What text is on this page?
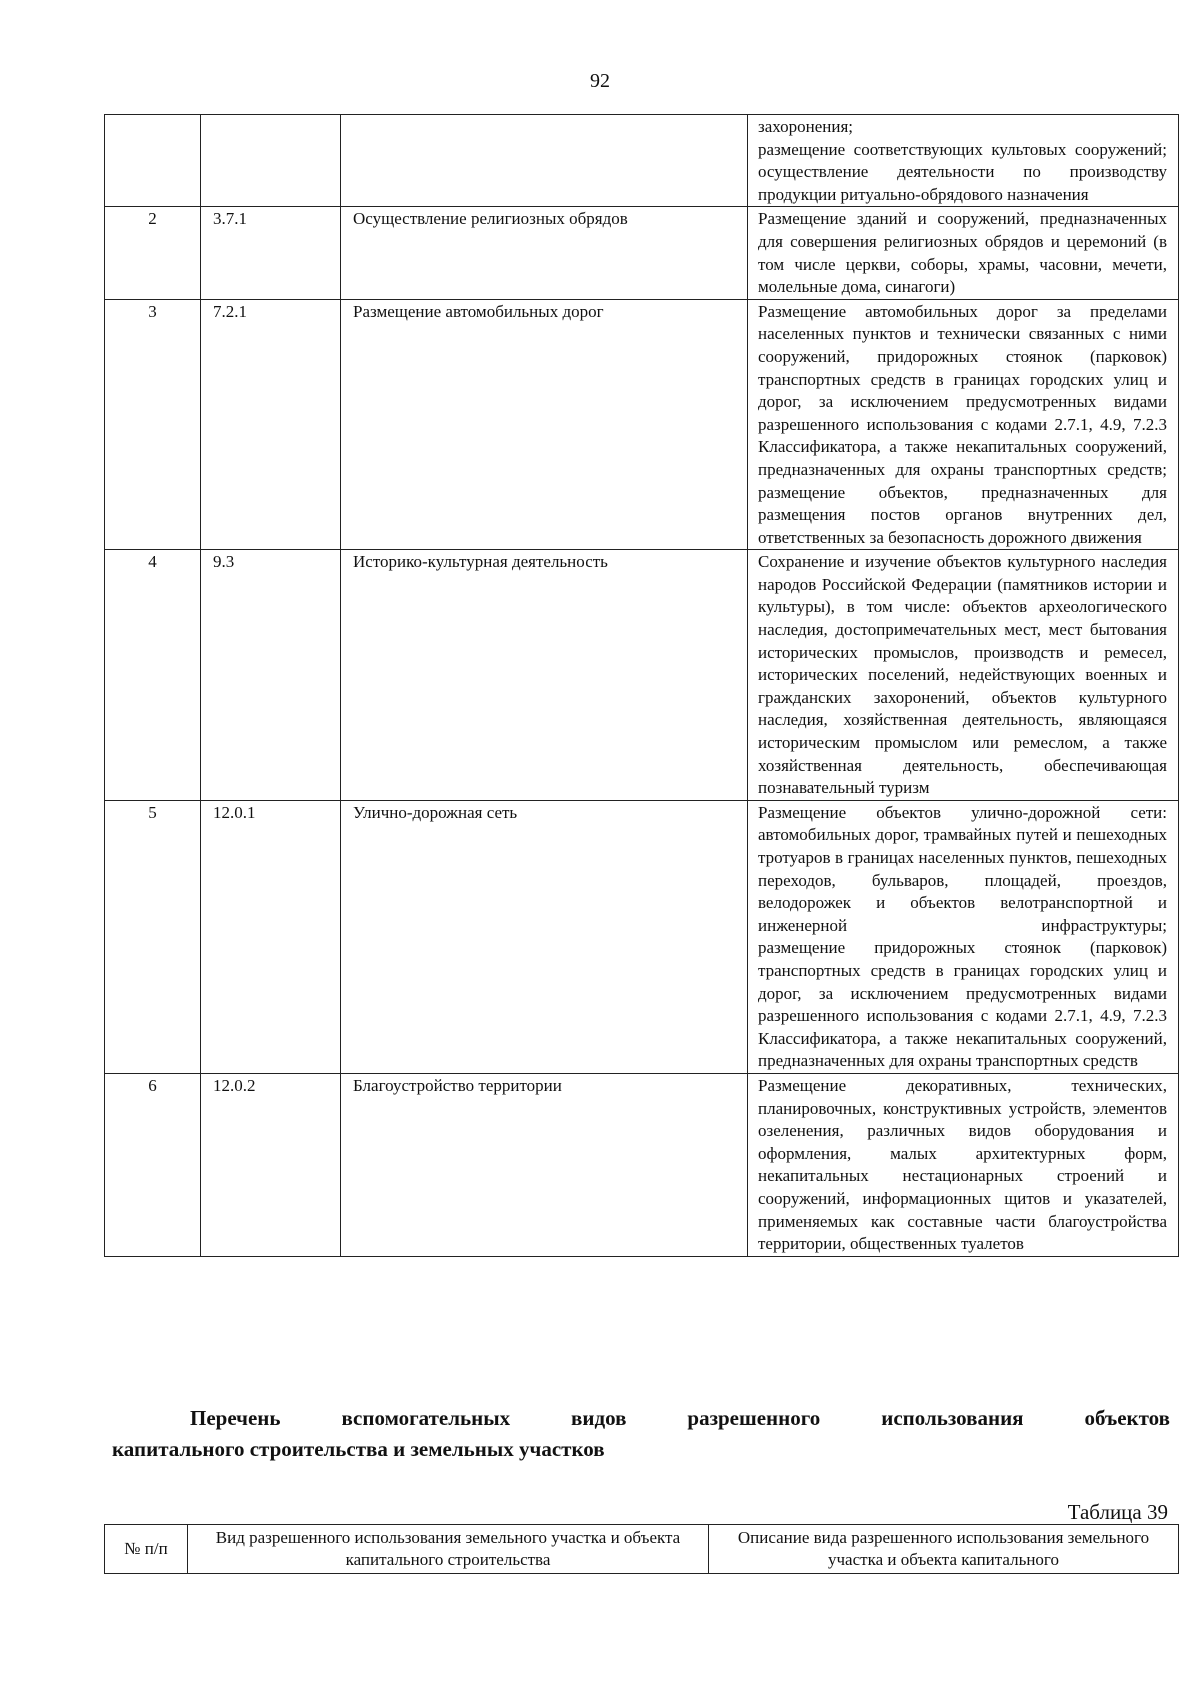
92

			захоронения;
размещение соответствующих культовых сооружений;
осуществление деятельности по производству продукции ритуально-обрядового назначения

2	3.7.1	Осуществление религиозных обрядов	Размещение зданий и сооружений, предназначенных для совершения религиозных обрядов и церемоний (в том числе церкви, соборы, храмы, часовни, мечети, молельные дома, синагоги)

3	7.2.1	Размещение автомобильных дорог	Размещение автомобильных дорог за пределами населенных пунктов и технически связанных с ними сооружений, придорожных стоянок (парковок) транспортных средств в границах городских улиц и дорог, за исключением предусмотренных видами разрешенного использования с кодами 2.7.1, 4.9, 7.2.3 Классификатора, а также некапитальных сооружений, предназначенных для охраны транспортных средств;
размещение объектов, предназначенных для размещения постов органов внутренних дел, ответственных за безопасность дорожного движения

4	9.3	Историко-культурная деятельность	Сохранение и изучение объектов культурного наследия народов Российской Федерации (памятников истории и культуры), в том числе: объектов археологического наследия, достопримечательных мест, мест бытования исторических промыслов, производств и ремесел, исторических поселений, недействующих военных и гражданских захоронений, объектов культурного наследия, хозяйственная деятельность, являющаяся историческим промыслом или ремеслом, а также хозяйственная деятельность, обеспечивающая познавательный туризм

5	12.0.1	Улично-дорожная сеть	Размещение объектов улично-дорожной сети: автомобильных дорог, трамвайных путей и пешеходных тротуаров в границах населенных пунктов, пешеходных переходов, бульваров, площадей, проездов, велодорожек и объектов велотранспортной и инженерной инфраструктуры;
размещение придорожных стоянок (парковок) транспортных средств в границах городских улиц и дорог, за исключением предусмотренных видами разрешенного использования с кодами 2.7.1, 4.9, 7.2.3 Классификатора, а также некапитальных сооружений, предназначенных для охраны транспортных средств

6	12.0.2	Благоустройство территории	Размещение декоративных, технических, планировочных, конструктивных устройств, элементов озеленения, различных видов оборудования и оформления, малых архитектурных форм, некапитальных нестационарных строений и сооружений, информационных щитов и указателей, применяемых как составные части благоустройства территории, общественных туалетов
Перечень вспомогательных видов разрешенного использования объектов
капитального строительства и земельных участков
Таблица 39
№ п/п	Вид разрешенного использования земельного участка и объекта капитального строительства	Описание вида разрешенного использования земельного участка и объекта капитального
